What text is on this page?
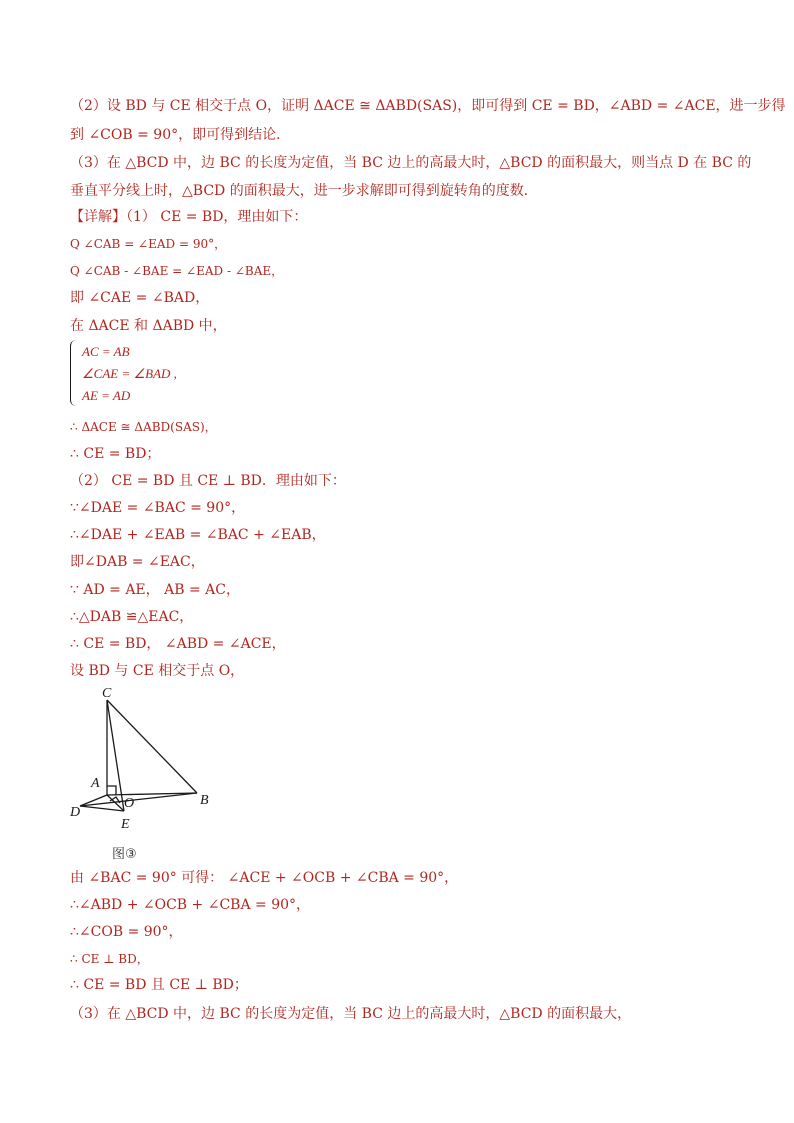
（2）设 BD 与 CE 相交于点 O，证明 ΔACE ≅ ΔABD(SAS)，即可得到 CE = BD，∠ABD = ∠ACE，进一步得
到 ∠COB = 90°，即可得到结论．
（3）在 △BCD 中，边 BC 的长度为定值，当 BC 边上的高最大时，△BCD 的面积最大，则当点 D 在 BC 的
垂直平分线上时，△BCD 的面积最大，进一步求解即可得到旋转角的度数．
【详解】（1） CE = BD，理由如下：
Q ∠CAB = ∠EAD = 90°，
Q ∠CAB - ∠BAE = ∠EAD - ∠BAE，
即 ∠CAE = ∠BAD，
在 ΔACE 和 ΔABD 中，
AC = AB
∠CAE = ∠BAD ,
AE = AD
∴ ΔACE ≅ ΔABD(SAS)，
∴ CE = BD；
（2） CE = BD 且 CE ⊥ BD．理由如下：
∵∠DAE = ∠BAC = 90°，
∴∠DAE + ∠EAB = ∠BAC + ∠EAB，
即∠DAB = ∠EAC，
∵ AD = AE， AB = AC，
∴△DAB ≌△EAC，
∴ CE = BD， ∠ABD = ∠ACE，
设 BD 与 CE 相交于点 O，
C
A
O	B
D
E
图③
由 ∠BAC = 90° 可得： ∠ACE + ∠OCB + ∠CBA = 90°，
∴∠ABD + ∠OCB + ∠CBA = 90°，
∴∠COB = 90°，
∴ CE ⊥ BD，
∴ CE = BD 且 CE ⊥ BD；
（3）在 △BCD 中，边 BC 的长度为定值，当 BC 边上的高最大时，△BCD 的面积最大，
